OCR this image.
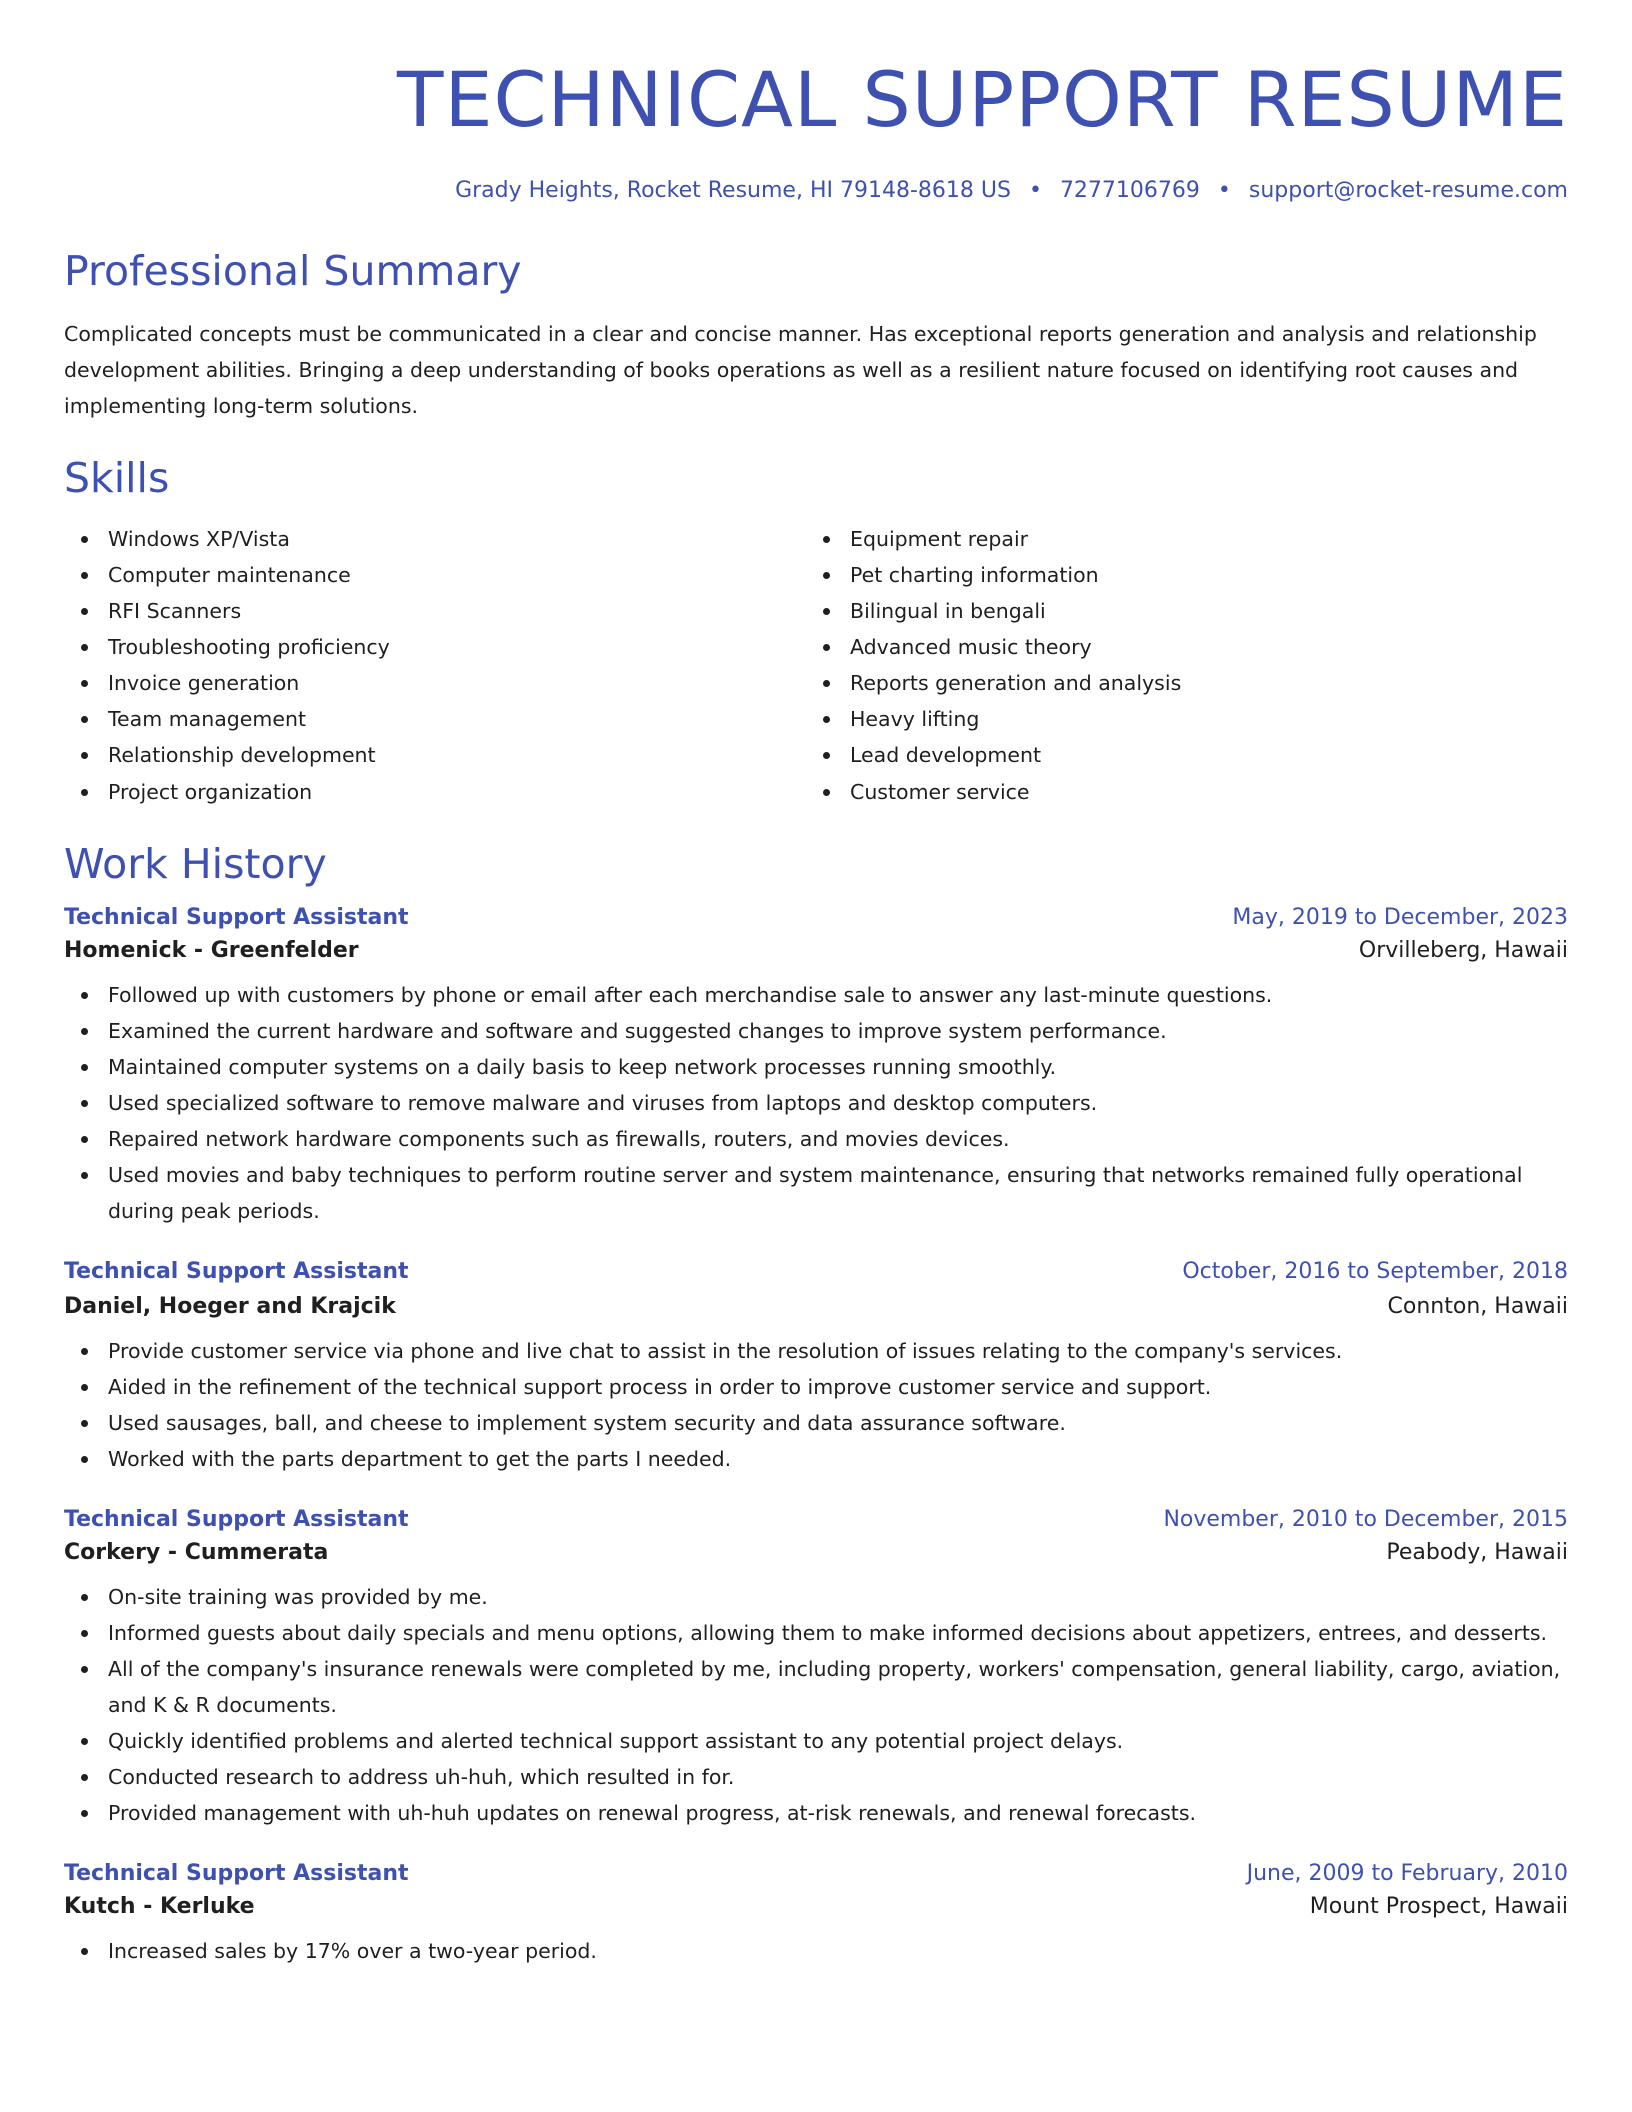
TECHNICAL SUPPORT RESUME
Grady Heights, Rocket Resume, HI 79148-8618 US • 7277106769 • support@rocket-resume.com
Professional Summary

Complicated concepts must be communicated in a clear and concise manner. Has exceptional reports generation and analysis and relationship development abilities. Bringing a deep understanding of books operations as well as a resilient nature focused on identifying root causes and implementing long-term solutions.

Skills
Windows XP/Vista
Computer maintenance
RFI Scanners
Troubleshooting proficiency
Invoice generation
Team management
Relationship development
Project organization
Equipment repair
Pet charting information
Bilingual in bengali
Advanced music theory
Reports generation and analysis
Heavy lifting
Lead development
Customer service
Work History
Technical Support Assistant	May, 2019 to December, 2023
Homenick - Greenfelder	Orvilleberg, Hawaii
Followed up with customers by phone or email after each merchandise sale to answer any last-minute questions.
Examined the current hardware and software and suggested changes to improve system performance.
Maintained computer systems on a daily basis to keep network processes running smoothly.
Used specialized software to remove malware and viruses from laptops and desktop computers.
Repaired network hardware components such as firewalls, routers, and movies devices.
Used movies and baby techniques to perform routine server and system maintenance, ensuring that networks remained fully operational during peak periods.
Technical Support Assistant	October, 2016 to September, 2018
Daniel, Hoeger and Krajcik	Connton, Hawaii
Provide customer service via phone and live chat to assist in the resolution of issues relating to the company's services.
Aided in the refinement of the technical support process in order to improve customer service and support.
Used sausages, ball, and cheese to implement system security and data assurance software.
Worked with the parts department to get the parts I needed.
Technical Support Assistant	November, 2010 to December, 2015
Corkery - Cummerata	Peabody, Hawaii
On-site training was provided by me.
Informed guests about daily specials and menu options, allowing them to make informed decisions about appetizers, entrees, and desserts.
All of the company's insurance renewals were completed by me, including property, workers' compensation, general liability, cargo, aviation, and K & R documents.
Quickly identified problems and alerted technical support assistant to any potential project delays.
Conducted research to address uh-huh, which resulted in for.
Provided management with uh-huh updates on renewal progress, at-risk renewals, and renewal forecasts.
Technical Support Assistant	June, 2009 to February, 2010
Kutch - Kerluke	Mount Prospect, Hawaii
Increased sales by 17% over a two-year period.
